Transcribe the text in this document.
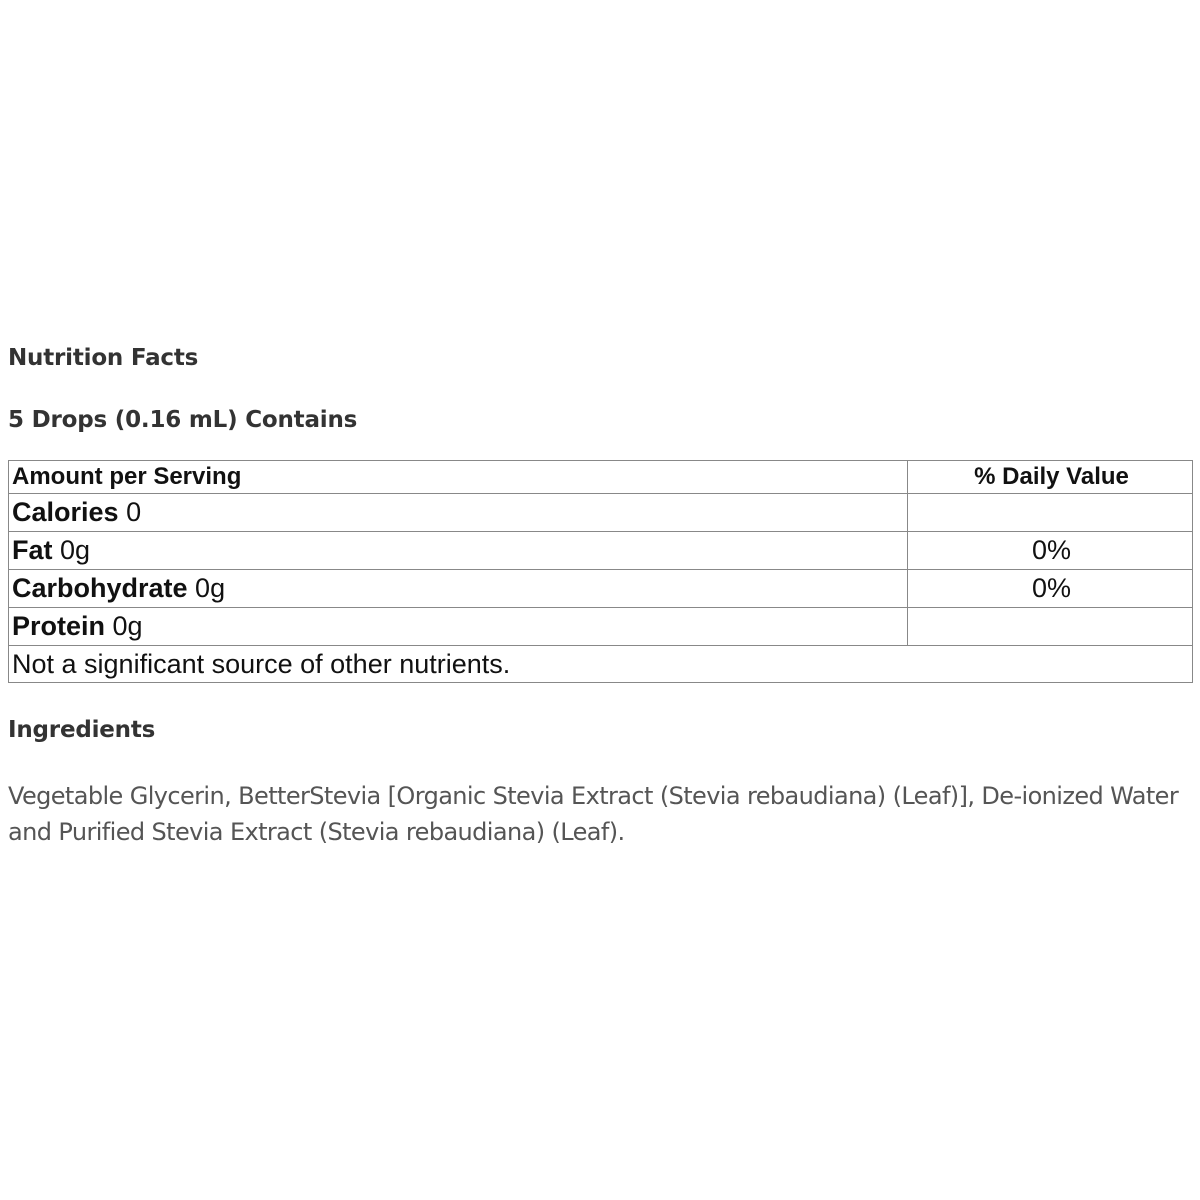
Nutrition Facts
5 Drops (0.16 mL) Contains
Amount per Serving	% Daily Value
Calories 0	
Fat 0g	0%
Carbohydrate 0g	0%
Protein 0g	
Not a significant source of other nutrients.	
Ingredients

Vegetable Glycerin, BetterStevia [Organic Stevia Extract (Stevia rebaudiana) (Leaf)], De-ionized Water and Purified Stevia Extract (Stevia rebaudiana) (Leaf).
